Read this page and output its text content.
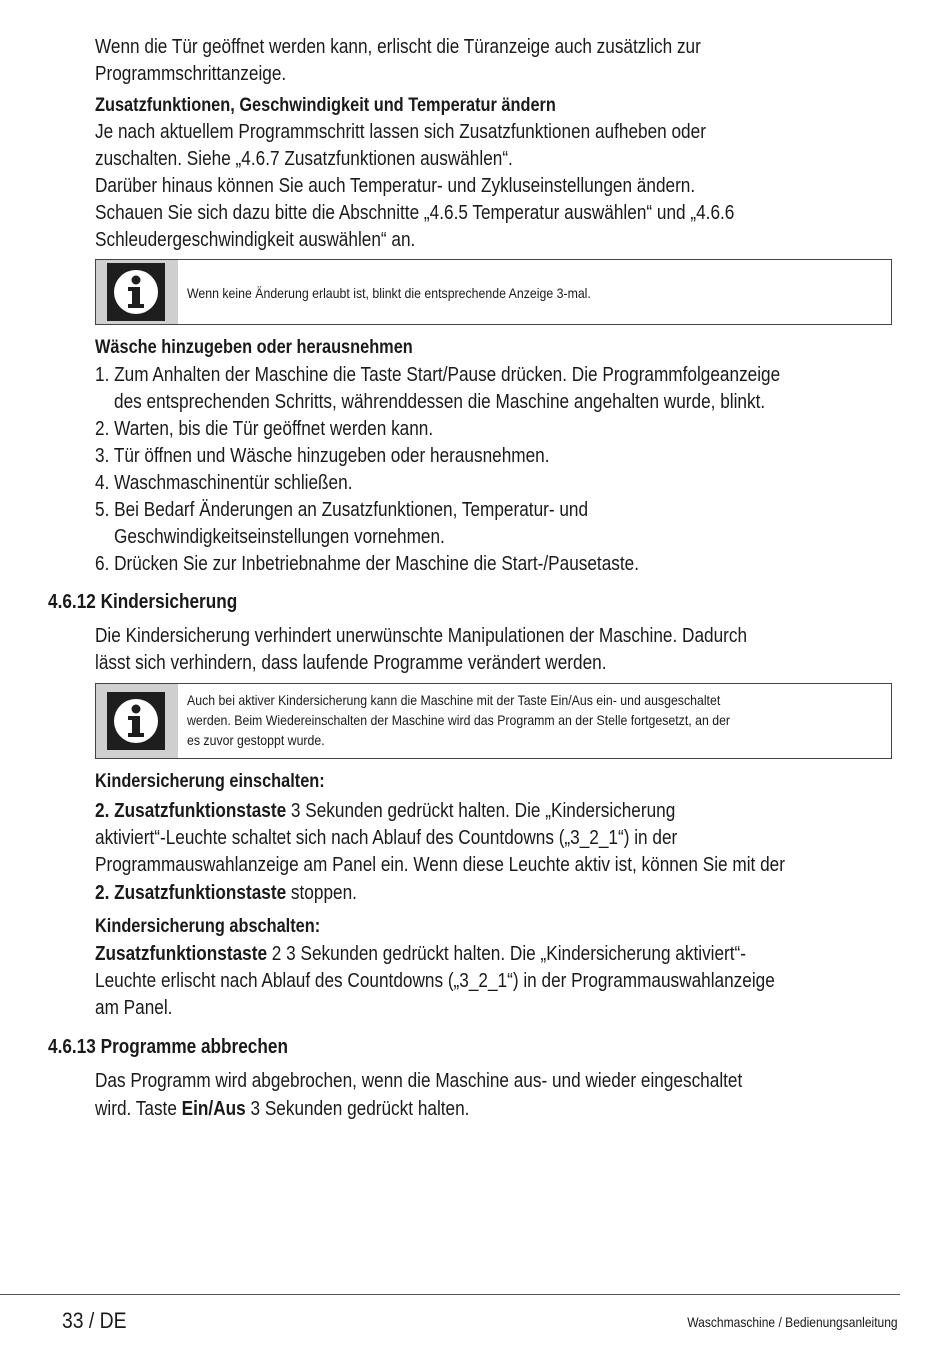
Wenn die Tür geöffnet werden kann, erlischt die Türanzeige auch zusätzlich zur

Programmschrittanzeige.

Zusatzfunktionen, Geschwindigkeit und Temperatur ändern

Je nach aktuellem Programmschritt lassen sich Zusatzfunktionen aufheben oder

zuschalten. Siehe „4.6.7 Zusatzfunktionen auswählen“.

Darüber hinaus können Sie auch Temperatur- und Zykluseinstellungen ändern.

Schauen Sie sich dazu bitte die Abschnitte „4.6.5 Temperatur auswählen“ und „4.6.6

Schleudergeschwindigkeit auswählen“ an.

Wenn keine Änderung erlaubt ist, blinkt die entsprechende Anzeige 3-mal.

Wäsche hinzugeben oder herausnehmen

1. Zum Anhalten der Maschine die Taste Start/Pause drücken. Die Programmfolgeanzeige

des entsprechenden Schritts, währenddessen die Maschine angehalten wurde, blinkt.

2. Warten, bis die Tür geöffnet werden kann.

3. Tür öffnen und Wäsche hinzugeben oder herausnehmen.

4. Waschmaschinentür schließen.

5. Bei Bedarf Änderungen an Zusatzfunktionen, Temperatur- und

Geschwindigkeitseinstellungen vornehmen.

6. Drücken Sie zur Inbetriebnahme der Maschine die Start-/Pausetaste.

4.6.12 Kindersicherung

Die Kindersicherung verhindert unerwünschte Manipulationen der Maschine. Dadurch

lässt sich verhindern, dass laufende Programme verändert werden.

Auch bei aktiver Kindersicherung kann die Maschine mit der Taste Ein/Aus ein- und ausgeschaltet

werden. Beim Wiedereinschalten der Maschine wird das Programm an der Stelle fortgesetzt, an der

es zuvor gestoppt wurde.

Kindersicherung einschalten:

2. Zusatzfunktionstaste 3 Sekunden gedrückt halten. Die „Kindersicherung

aktiviert“-Leuchte schaltet sich nach Ablauf des Countdowns („3_2_1“) in der

Programmauswahlanzeige am Panel ein. Wenn diese Leuchte aktiv ist, können Sie mit der

2. Zusatzfunktionstaste stoppen.

Kindersicherung abschalten:

Zusatzfunktionstaste 2 3 Sekunden gedrückt halten. Die „Kindersicherung aktiviert“-

Leuchte erlischt nach Ablauf des Countdowns („3_2_1“) in der Programmauswahlanzeige

am Panel.

4.6.13 Programme abbrechen

Das Programm wird abgebrochen, wenn die Maschine aus- und wieder eingeschaltet

wird. Taste Ein/Aus 3 Sekunden gedrückt halten.

33 / DE	Waschmaschine / Bedienungsanleitung
